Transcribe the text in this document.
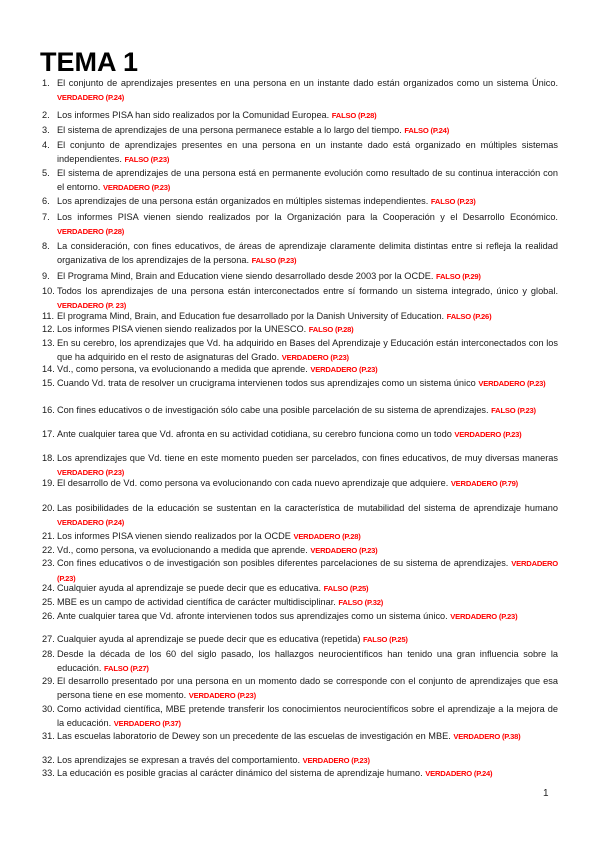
TEMA 1
1. El conjunto de aprendizajes presentes en una persona en un instante dado están organizados como un sistema Único. VERDADERO (P.24)
2. Los informes PISA han sido realizados por la Comunidad Europea. FALSO (P.28)
3. El sistema de aprendizajes de una persona permanece estable a lo largo del tiempo. FALSO (P.24)
4. El conjunto de aprendizajes presentes en una persona en un instante dado está organizado en múltiples sistemas independientes. FALSO (P.23)
5. El sistema de aprendizajes de una persona está en permanente evolución como resultado de su continua interacción con el entorno. VERDADERO (P.23)
6. Los aprendizajes de una persona están organizados en múltiples sistemas independientes. FALSO (P.23)
7. Los informes PISA vienen siendo realizados por la Organización para la Cooperación y el Desarrollo Económico. VERDADERO (P.28)
8. La consideración, con fines educativos, de áreas de aprendizaje claramente delimita distintas entre si refleja la realidad organizativa de los aprendizajes de la persona. FALSO (P.23)
9. El Programa Mind, Brain and Education viene siendo desarrollado desde 2003 por la OCDE. FALSO (P.29)
10. Todos los aprendizajes de una persona están interconectados entre sí formando un sistema integrado, único y global. VERDADERO (P. 23)
11. El programa Mind, Brain, and Education fue desarrollado por la Danish University of Education. FALSO (P.26)
12. Los informes PISA vienen siendo realizados por la UNESCO. FALSO (P.28)
13. En su cerebro, los aprendizajes que Vd. ha adquirido en Bases del Aprendizaje y Educación están interconectados con los que ha adquirido en el resto de asignaturas del Grado. VERDADERO (P.23)
14. Vd., como persona, va evolucionando a medida que aprende. VERDADERO (P.23)
15. Cuando Vd. trata de resolver un crucigrama intervienen todos sus aprendizajes como un sistema único VERDADERO (P.23)
16. Con fines educativos o de investigación sólo cabe una posible parcelación de su sistema de aprendizajes. FALSO (P.23)
17. Ante cualquier tarea que Vd. afronta en su actividad cotidiana, su cerebro funciona como un todo VERDADERO (P.23)
18. Los aprendizajes que Vd. tiene en este momento pueden ser parcelados, con fines educativos, de muy diversas maneras VERDADERO (P.23)
19. El desarrollo de Vd. como persona va evolucionando con cada nuevo aprendizaje que adquiere. VERDADERO (P.79)
20. Las posibilidades de la educación se sustentan en la característica de mutabilidad del sistema de aprendizaje humano VERDADERO (P.24)
21. Los informes PISA vienen siendo realizados por la OCDE VERDADERO (P.28)
22. Vd., como persona, va evolucionando a medida que aprende. VERDADERO (P.23)
23. Con fines educativos o de investigación son posibles diferentes parcelaciones de su sistema de aprendizajes. VERDADERO (P.23)
24. Cualquier ayuda al aprendizaje se puede decir que es educativa. FALSO (P.25)
25. MBE es un campo de actividad científica de carácter multidisciplinar. FALSO (P.32)
26. Ante cualquier tarea que Vd. afronte intervienen todos sus aprendizajes como un sistema único. VERDADERO (P.23)
27. Cualquier ayuda al aprendizaje se puede decir que es educativa (repetida) FALSO (P.25)
28. Desde la década de los 60 del siglo pasado, los hallazgos neurocientíficos han tenido una gran influencia sobre la educación. FALSO (P.27)
29. El desarrollo presentado por una persona en un momento dado se corresponde con el conjunto de aprendizajes que esa persona tiene en ese momento. VERDADERO (P.23)
30. Como actividad científica, MBE pretende transferir los conocimientos neurocientíficos sobre el aprendizaje a la mejora de la educación. VERDADERO (P.37)
31. Las escuelas laboratorio de Dewey son un precedente de las escuelas de investigación en MBE. VERDADERO (P.38)
32. Los aprendizajes se expresan a través del comportamiento. VERDADERO (P.23)
33. La educación es posible gracias al carácter dinámico del sistema de aprendizaje humano. VERDADERO (P.24)
1
